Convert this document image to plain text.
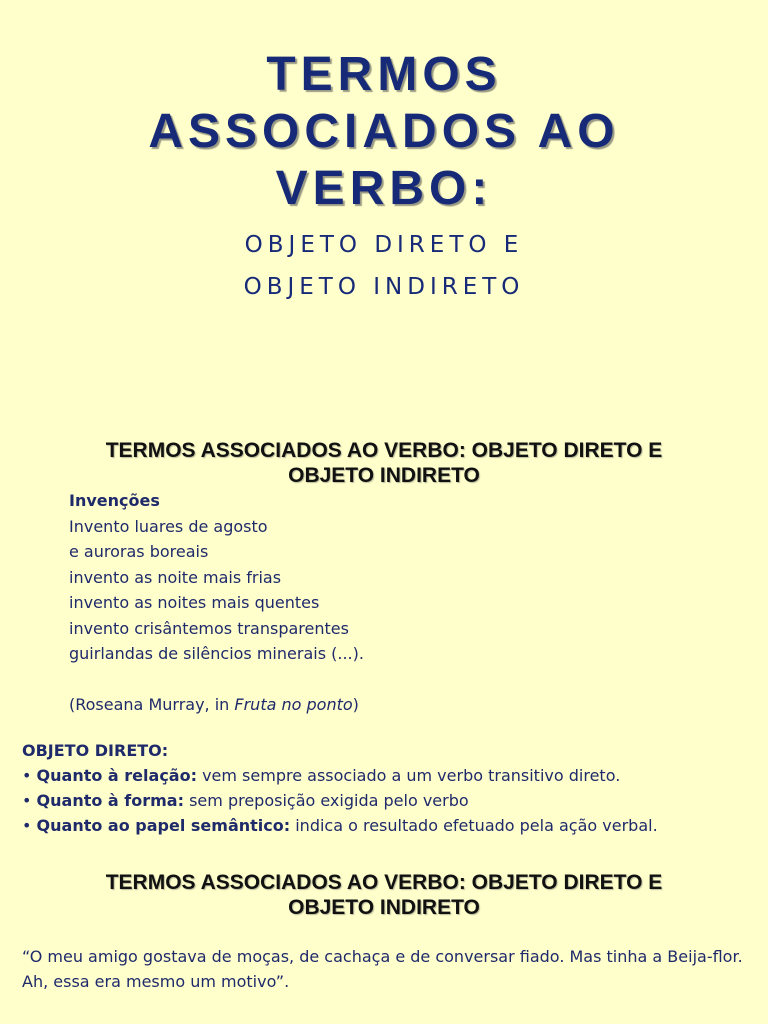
TERMOS
ASSOCIADOS AO
VERBO:
OBJETO DIRETO E
OBJETO INDIRETO
TERMOS ASSOCIADOS AO VERBO: OBJETO DIRETO E OBJETO INDIRETO
Invenções
Invento luares de agosto
e auroras boreais
invento as noite mais frias
invento as noites mais quentes
invento crisântemos transparentes
guirlandas de silêncios minerais (...).
(Roseana Murray, in Fruta no ponto)
OBJETO DIRETO:
• Quanto à relação: vem sempre associado a um verbo transitivo direto.
• Quanto à forma: sem preposição exigida pelo verbo
• Quanto ao papel semântico: indica o resultado efetuado pela ação verbal.
TERMOS ASSOCIADOS AO VERBO: OBJETO DIRETO E OBJETO INDIRETO
“O meu amigo gostava de moças, de cachaça e de conversar fiado. Mas tinha a Beija-flor. Ah, essa era mesmo um motivo”.
